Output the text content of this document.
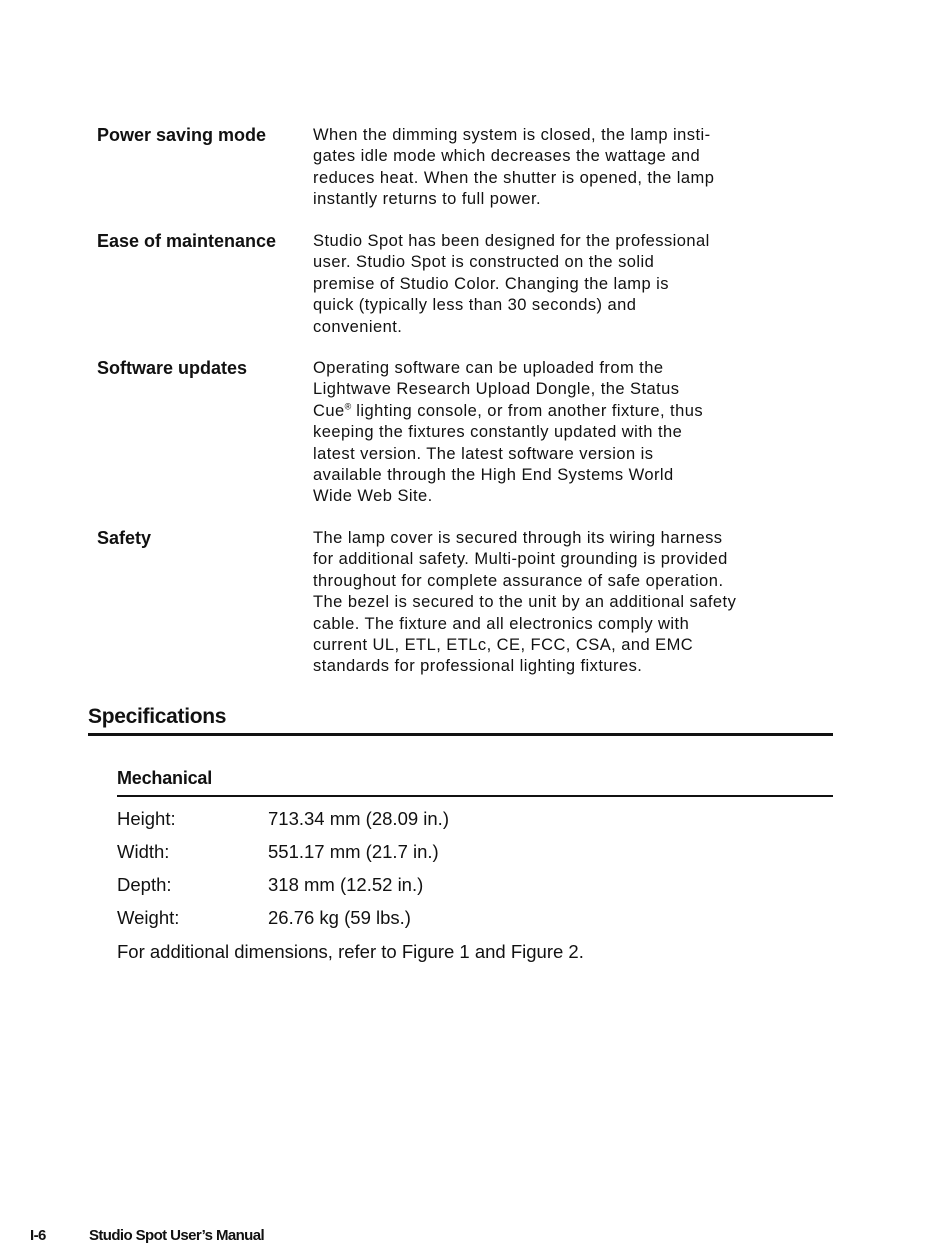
Power saving mode	When the dimming system is closed, the lamp insti-
gates idle mode which decreases the wattage and
reduces heat. When the shutter is opened, the lamp
instantly returns to full power.

Ease of maintenance	Studio Spot has been designed for the professional
user. Studio Spot is constructed on the solid
premise of Studio Color. Changing the lamp is
quick (typically less than 30 seconds) and
convenient.

Software updates	Operating software can be uploaded from the
Lightwave Research Upload Dongle, the Status
Cue® lighting console, or from another fixture, thus
keeping the fixtures constantly updated with the
latest version. The latest software version is
available through the High End Systems World
Wide Web Site.

Safety	The lamp cover is secured through its wiring harness
for additional safety. Multi-point grounding is provided
throughout for complete assurance of safe operation.
The bezel is secured to the unit by an additional safety
cable. The fixture and all electronics comply with
current UL, ETL, ETLc, CE, FCC, CSA, and EMC
standards for professional lighting fixtures.

Specifications
Mechanical
Height:	713.34 mm (28.09 in.)
Width:	551.17 mm (21.7 in.)
Depth:	318 mm (12.52 in.)
Weight:	26.76 kg (59 lbs.)

For additional dimensions, refer to Figure 1 and Figure 2.

I-6	Studio Spot User’s Manual
